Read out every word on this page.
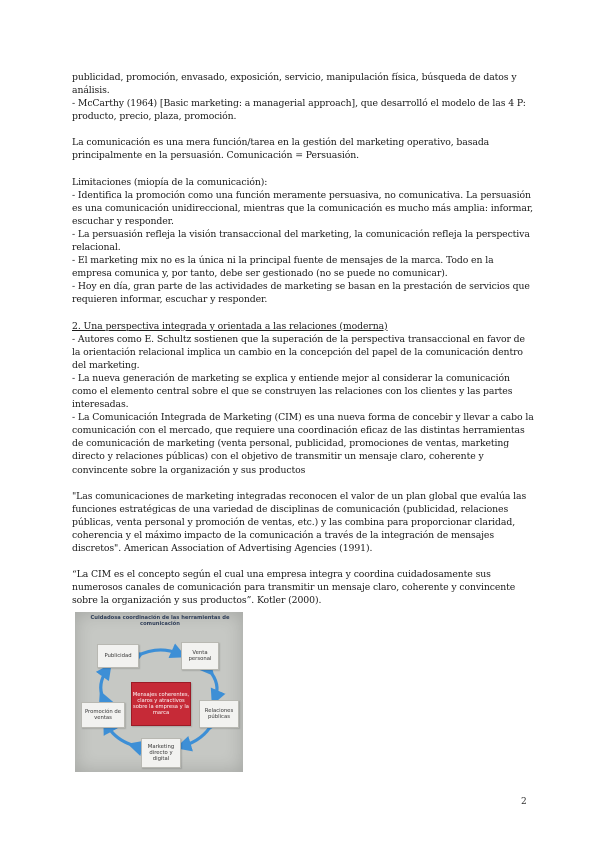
publicidad, promoción, envasado, exposición, servicio, manipulación física, búsqueda de datos y análisis.

- McCarthy (1964) [Basic marketing: a managerial approach], que desarrolló el modelo de las 4 P: producto, precio, plaza, promoción.

La comunicación es una mera función/tarea en la gestión del marketing operativo, basada principalmente en la persuasión. Comunicación = Persuasión.

Limitaciones (miopía de la comunicación):

- Identifica la promoción como una función meramente persuasiva, no comunicativa. La persuasión es una comunicación unidireccional, mientras que la comunicación es mucho más amplia: informar, escuchar y responder.

- La persuasión refleja la visión transaccional del marketing, la comunicación refleja la perspectiva relacional.

- El marketing mix no es la única ni la principal fuente de mensajes de la marca. Todo en la empresa comunica y, por tanto, debe ser gestionado (no se puede no comunicar).

- Hoy en día, gran parte de las actividades de marketing se basan en la prestación de servicios que requieren informar, escuchar y responder.

2. Una perspectiva integrada y orientada a las relaciones (moderna)

- Autores como E. Schultz sostienen que la superación de la perspectiva transaccional en favor de la orientación relacional implica un cambio en la concepción del papel de la comunicación dentro del marketing.

- La nueva generación de marketing se explica y entiende mejor al considerar la comunicación como el elemento central sobre el que se construyen las relaciones con los clientes y las partes interesadas.

- La Comunicación Integrada de Marketing (CIM) es una nueva forma de concebir y llevar a cabo la comunicación con el mercado, que requiere una coordinación eficaz de las distintas herramientas de comunicación de marketing (venta personal, publicidad, promociones de ventas, marketing directo y relaciones públicas) con el objetivo de transmitir un mensaje claro, coherente y convincente sobre la organización y sus productos

"Las comunicaciones de marketing integradas reconocen el valor de un plan global que evalúa las funciones estratégicas de una variedad de disciplinas de comunicación (publicidad, relaciones públicas, venta personal y promoción de ventas, etc.) y las combina para proporcionar claridad, coherencia y el máximo impacto de la comunicación a través de la integración de mensajes discretos". American Association of Advertising Agencies (1991).

“La CIM es el concepto según el cual una empresa integra y coordina cuidadosamente sus numerosos canales de comunicación para transmitir un mensaje claro, coherente y convincente sobre la organización y sus productos”. Kotler (2000).

Cuidadosa coordinación de las herramientas de comunicación
Publicidad
Venta personal
Mensajes coherentes, claros y atractivos sobre la empresa y la marca
Promoción de ventas
Relaciones públicas
Marketing directo y digital
2
